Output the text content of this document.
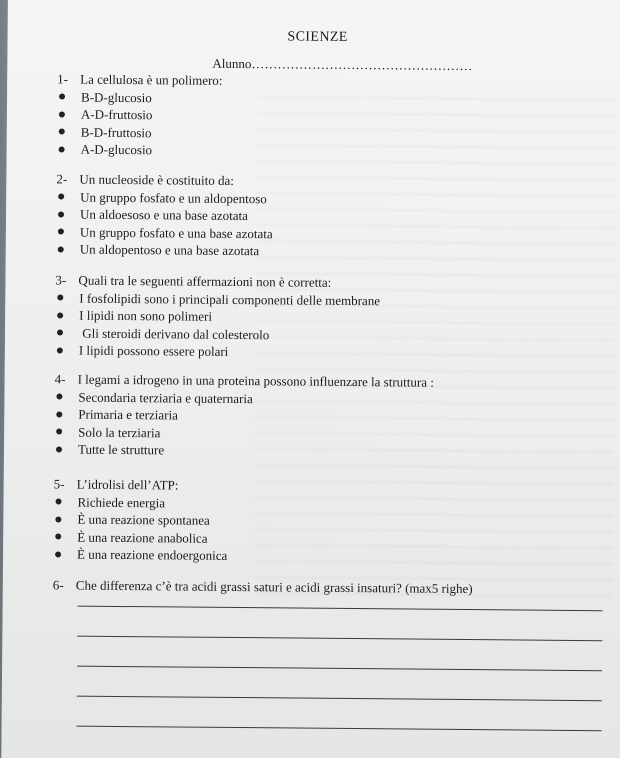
SCIENZE
Alunno……………………………………………
1- La cellulosa è un polimero:
B-D-glucosio
A-D-fruttosio
B-D-fruttosio
A-D-glucosio
2- Un nucleoside è costituito da:
Un gruppo fosfato e un aldopentoso
Un aldoesoso e una base azotata
Un gruppo fosfato e una base azotata
Un aldopentoso e una base azotata
3- Quali tra le seguenti affermazioni non è corretta:
I fosfolipidi sono i principali componenti delle membrane
I lipidi non sono polimeri
Gli steroidi derivano dal colesterolo
I lipidi possono essere polari
4- I legami a idrogeno in una proteina possono influenzare la struttura :
Secondaria terziaria e quaternaria
Primaria e terziaria
Solo la terziaria
Tutte le strutture
5- L’idrolisi dell’ATP:
Richiede energia
È una reazione spontanea
È una reazione anabolica
È una reazione endoergonica
6- Che differenza c’è tra acidi grassi saturi e acidi grassi insaturi? (max5 righe)
